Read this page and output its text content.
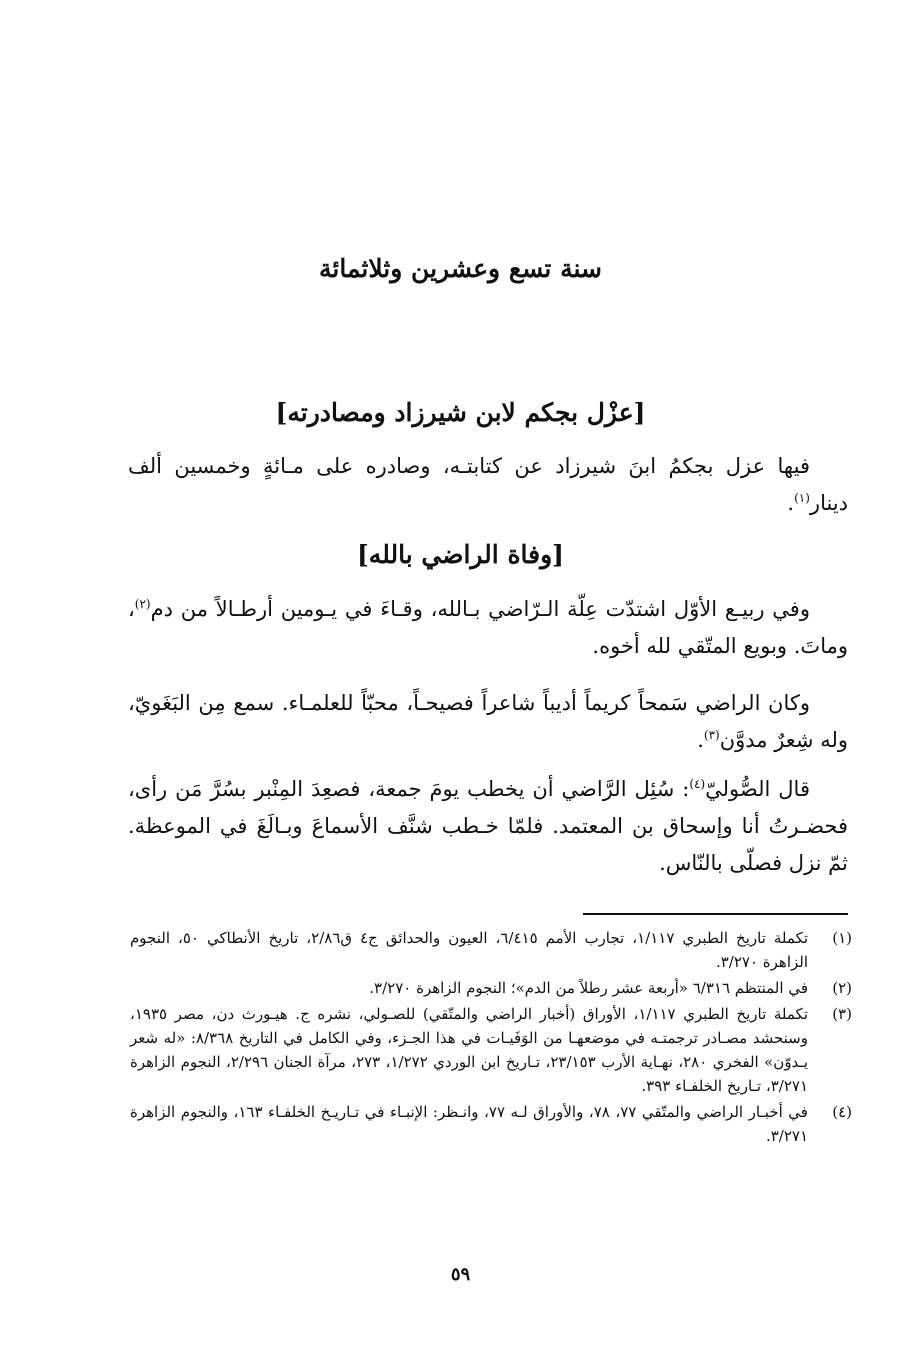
سنة تسع وعشرين وثلاثمائة
[عزْل بجكم لابن شيرزاد ومصادرته]

فيها عزل بجكمُ ابنَ شيرزاد عن كتابتـه، وصادره على مـائةٍ وخمسين ألف دينار$^{(١)}$.

[وفاة الراضي بالله]

وفي ربيـع الأوّل اشتدّت عِلّة الـرّاضي بـالله، وقـاءَ في يـومين أرطـالاً من دم$^{(٢)}$، وماتَ. وبويع المتّقي لله أخوه.

وكان الراضي سَمحاً كريماً أديباً شاعراً فصيحـاً، محبّاً للعلمـاء. سمع مِن البَغَويّ، وله شِعرٌ مدوَّن$^{(٣)}$.

قال الصُّوليّ$^{(٤)}$: سُئِل الرَّاضي أن يخطب يومَ جمعة، فصعِدَ المِنْبر بسُرَّ مَن رأى، فحضـرتُ أنا وإسحاق بن المعتمد. فلمّا خـطب شنَّف الأسماعَ وبـالَغَ في الموعظة. ثمّ نزل فصلّى بالنّاس.

(١)
تكملة تاريخ الطبري ١/١١٧، تجارب الأمم ٦/٤١٥، العيون والحدائق ج٤ ق٢/٨٦، تاريخ الأنطاكي ٥٠، النجوم الزاهرة ٣/٢٧٠.
(٢)
في المنتظم ٦/٣١٦ «أربعة عشر رطلاً من الدم»؛ النجوم الزاهرة ٣/٢٧٠.
(٣)
تكملة تاريخ الطبري ١/١١٧، الأوراق (أخبار الراضي والمتّقي) للصـولي، نشره ج. هيـورث دن، مصر ١٩٣٥، وسنحشد مصـادر ترجمتـه في موضعهـا من الوَفَيـات في هذا الجـزء، وفي الكامل في التاريخ ٨/٣٦٨: «له شعر يـدوّن» الفخري ٢٨٠، نهـاية الأرب ٢٣/١٥٣، تـاريخ ابن الوردي ١/٢٧٢، ٢٧٣، مرآة الجنان ٢/٢٩٦، النجوم الزاهرة ٣/٢٧١، تـاريخ الخلفـاء ٣٩٣.
(٤)
في أخبـار الراضي والمتّقي ٧٧، ٧٨، والأوراق لـه ٧٧، وانـظر: الإنبـاء في تـاريـخ الخلفـاء ١٦٣، والنجوم الزاهرة ٣/٢٧١.
٥٩
